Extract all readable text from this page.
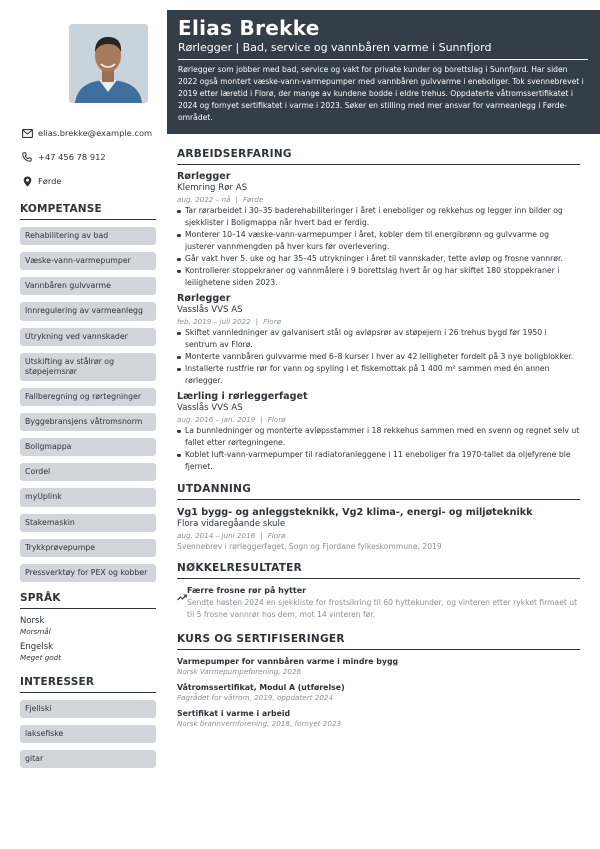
elias.brekke@example.com
+47 456 78 912
Førde
KOMPETANSE
Rehabilitering av bad
Væske-vann-varmepumper
Vannbåren gulvvarme
Innregulering av varmeanlegg
Utrykning ved vannskader
Utskifting av stålrør og støpejernsrør
Fallberegning og rørtegninger
Byggebransjens våtromsnorm
Boligmappa
Cordel
myUplink
Stakemaskin
Trykkprøvepumpe
Pressverktøy for PEX og kobber
SPRÅK
Norsk
Morsmål
Engelsk
Meget godt
INTERESSER
Fjellski
laksefiske
gitar
Elias Brekke
Rørlegger | Bad, service og vannbåren varme i Sunnfjord
Rørlegger som jobber med bad, service og vakt for private kunder og borettslag i Sunnfjord. Har siden 2022 også montert væske-vann-varmepumper med vannbåren gulvvarme i eneboliger. Tok svennebrevet i 2019 etter læretid i Florø, der mange av kundene bodde i eldre trehus. Oppdaterte våtromssertifikatet i 2024 og fornyet sertifikatet i varme i 2023. Søker en stilling med mer ansvar for varmeanlegg i Førde-området.
ARBEIDSERFARING
Rørlegger
Klemring Rør AS
aug. 2022 – nå | Førde
Tar rørarbeidet i 30–35 baderehabiliteringer i året i eneboliger og rekkehus og legger inn bilder og sjekklister i Boligmappa når hvert bad er ferdig.
Monterer 10–14 væske-vann-varmepumper i året, kobler dem til energibrønn og gulvvarme og justerer vannmengden på hver kurs før overlevering.
Går vakt hver 5. uke og har 35–45 utrykninger i året til vannskader, tette avløp og frosne vannrør.
Kontrollerer stoppekraner og vannmålere i 9 borettslag hvert år og har skiftet 180 stoppekraner i leilighetene siden 2023.
Rørlegger
Vasslås VVS AS
feb. 2019 – juli 2022 | Florø
Skiftet vannledninger av galvanisert stål og avløpsrør av støpejern i 26 trehus bygd før 1950 i sentrum av Florø.
Monterte vannbåren gulvvarme med 6–8 kurser i hver av 42 leiligheter fordelt på 3 nye boligblokker.
Installerte rustfrie rør for vann og spyling i et fiskemottak på 1 400 m² sammen med én annen rørlegger.
Lærling i rørleggerfaget
Vasslås VVS AS
aug. 2016 – jan. 2019 | Florø
La bunnledninger og monterte avløpsstammer i 18 rekkehus sammen med en svenn og regnet selv ut fallet etter rørtegningene.
Koblet luft-vann-varmepumper til radiatoranleggene i 11 eneboliger fra 1970-tallet da oljefyrene ble fjernet.
UTDANNING
Vg1 bygg- og anleggsteknikk, Vg2 klima-, energi- og miljøteknikk
Flora vidaregåande skule
aug. 2014 – juni 2016 | Florø
Svennebrev i rørleggerfaget, Sogn og Fjordane fylkeskommune, 2019
NØKKELRESULTATER
Færre frosne rør på hytter
Sendte høsten 2024 en sjekkliste for frostsikring til 60 hyttekunder, og vinteren etter rykket firmaet ut til 5 frosne vannrør hos dem, mot 14 vinteren før.
KURS OG SERTIFISERINGER
Varmepumper for vannbåren varme i mindre bygg
Norsk Varmepumpeforening, 2026
Våtromssertifikat, Modul A (utførelse)
Fagrådet for våtrom, 2019, oppdatert 2024
Sertifikat i varme i arbeid
Norsk brannvernforening, 2018, fornyet 2023
